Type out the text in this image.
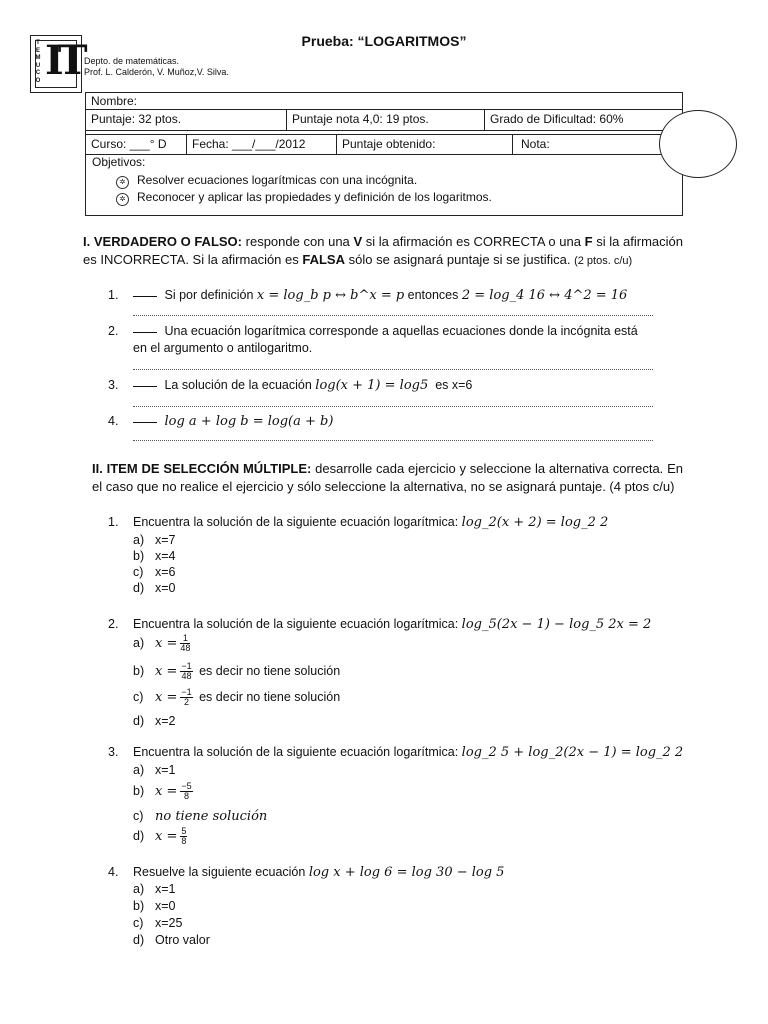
T
E
M
U
C
O IT	Prueba: “LOGARITMOS”
Depto. de matemáticas.
Prof. L. Calderón, V. Muñoz,V. Silva.
Nombre:
Puntaje: 32 ptos.	Puntaje nota 4,0: 19 ptos.	Grado de Dificultad: 60%
Curso: ___° D	Fecha: ___/___/2012	Puntaje obtenido:	Nota:
Objetivos:
✲ Resolver ecuaciones logarítmicas con una incógnita.
✲ Reconocer y aplicar las propiedades y definición de los logaritmos.
I. VERDADERO O FALSO: responde con una V si la afirmación es CORRECTA o una F si la afirmación es INCORRECTA. Si la afirmación es FALSA sólo se asignará puntaje si se justifica. (2 ptos. c/u)
1.	Si por definición x = log_b p ↔ b^x = p entonces 2 = log_4 16 ↔ 4^2 = 16
2.	Una ecuación logarítmica corresponde a aquellas ecuaciones donde la incógnita está
en el argumento o antilogaritmo.
3.	La solución de la ecuación log(x + 1) = log5 es x=6
4.	log a + log b = log(a + b)
II. ITEM DE SELECCIÓN MÚLTIPLE: desarrolle cada ejercicio y seleccione la alternativa correcta. En el caso que no realice el ejercicio y sólo seleccione la alternativa, no se asignará puntaje. (4 ptos c/u)
1. Encuentra la solución de la siguiente ecuación logarítmica: log_2(x + 2) = log_2 2
a) x=7
b) x=4
c) x=6
d) x=0
2. Encuentra la solución de la siguiente ecuación logarítmica: log_5(2x − 1) − log_5 2x = 2
a) $x = \frac{1}{48}$
b) $x = \frac{-1}{48}$ es decir no tiene solución
c) $x = \frac{-1}{2}$ es decir no tiene solución
d) x=2
3. Encuentra la solución de la siguiente ecuación logarítmica: log_2 5 + log_2(2x − 1) = log_2 2
a) x=1
b) $x = \frac{-5}{8}$
c) no tiene solución
d) $x = \frac{5}{8}$
4. Resuelve la siguiente ecuación log x + log 6 = log 30 − log 5
a) x=1
b) x=0
c) x=25
d) Otro valor
